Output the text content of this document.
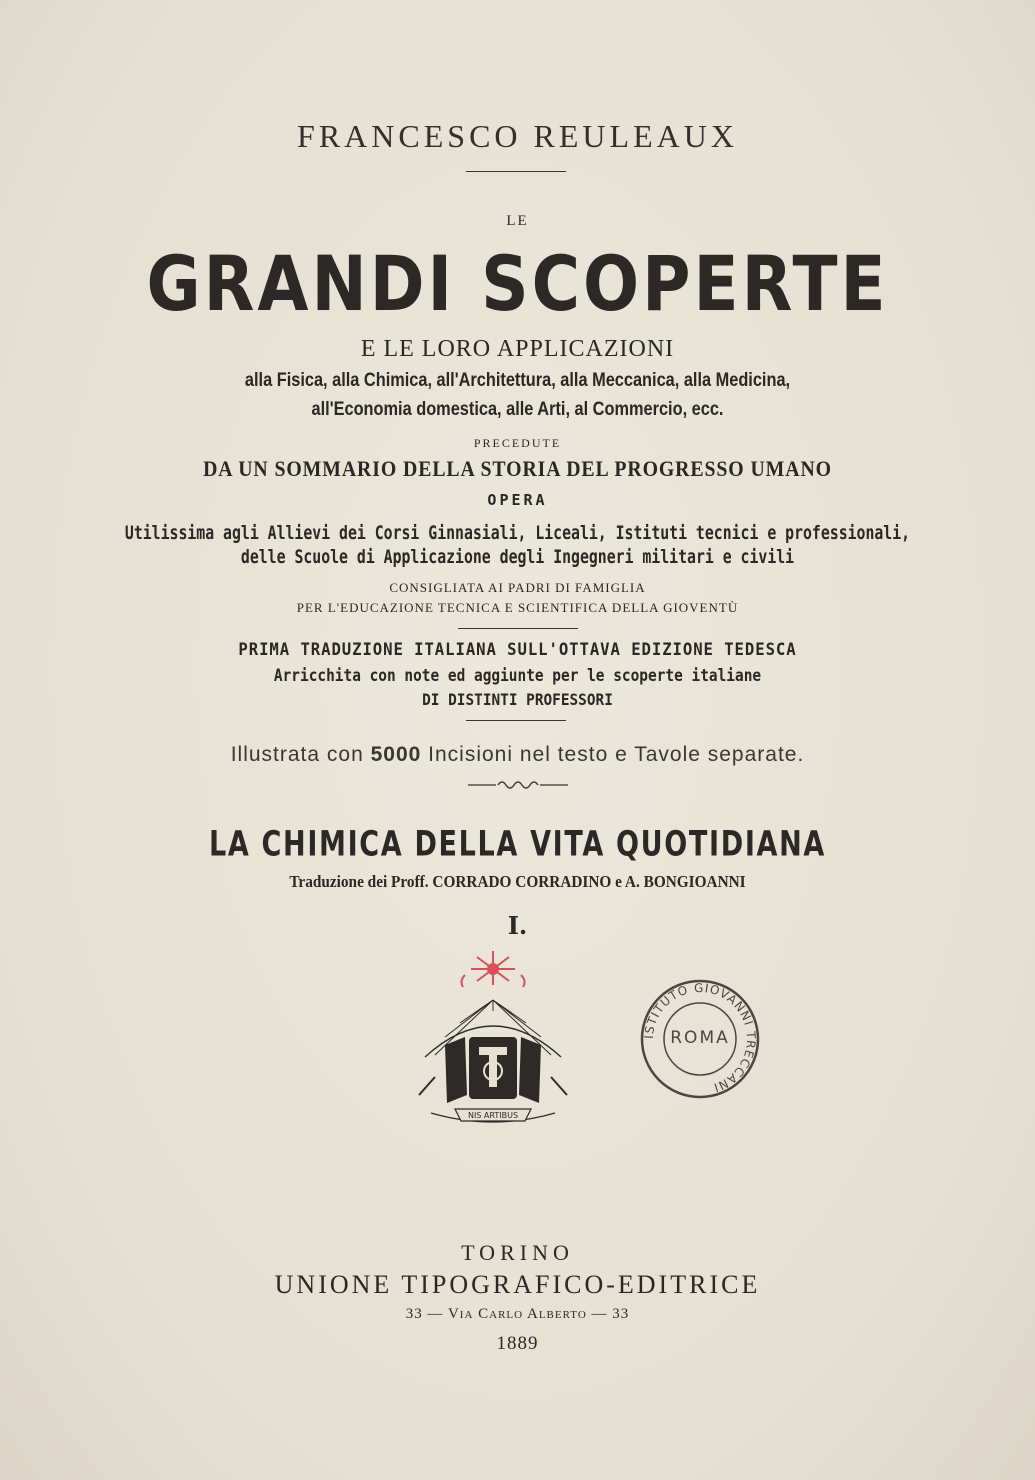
FRANCESCO REULEAUX
LE
GRANDI SCOPERTE
E LE LORO APPLICAZIONI
alla Fisica, alla Chimica, all'Architettura, alla Meccanica, alla Medicina,
all'Economia domestica, alle Arti, al Commercio, ecc.
PRECEDUTE
DA UN SOMMARIO DELLA STORIA DEL PROGRESSO UMANO
OPERA
Utilissima agli Allievi dei Corsi Ginnasiali, Liceali, Istituti tecnici e professionali,
delle Scuole di Applicazione degli Ingegneri militari e civili
CONSIGLIATA AI PADRI DI FAMIGLIA
PER L'EDUCAZIONE TECNICA E SCIENTIFICA DELLA GIOVENTÙ
PRIMA TRADUZIONE ITALIANA SULL'OTTAVA EDIZIONE TEDESCA
Arricchita con note ed aggiunte per le scoperte italiane
DI DISTINTI PROFESSORI
Illustrata con 5000 Incisioni nel testo e Tavole separate.
LA CHIMICA DELLA VITA QUOTIDIANA
Traduzione dei Proff. CORRADO CORRADINO e A. BONGIOANNI
I.
NIS ARTIBUS
ISTITUTO GIOVANNI TRECCANI
ROMA
TORINO
UNIONE TIPOGRAFICO-EDITRICE
33 — Via Carlo Alberto — 33
1889
